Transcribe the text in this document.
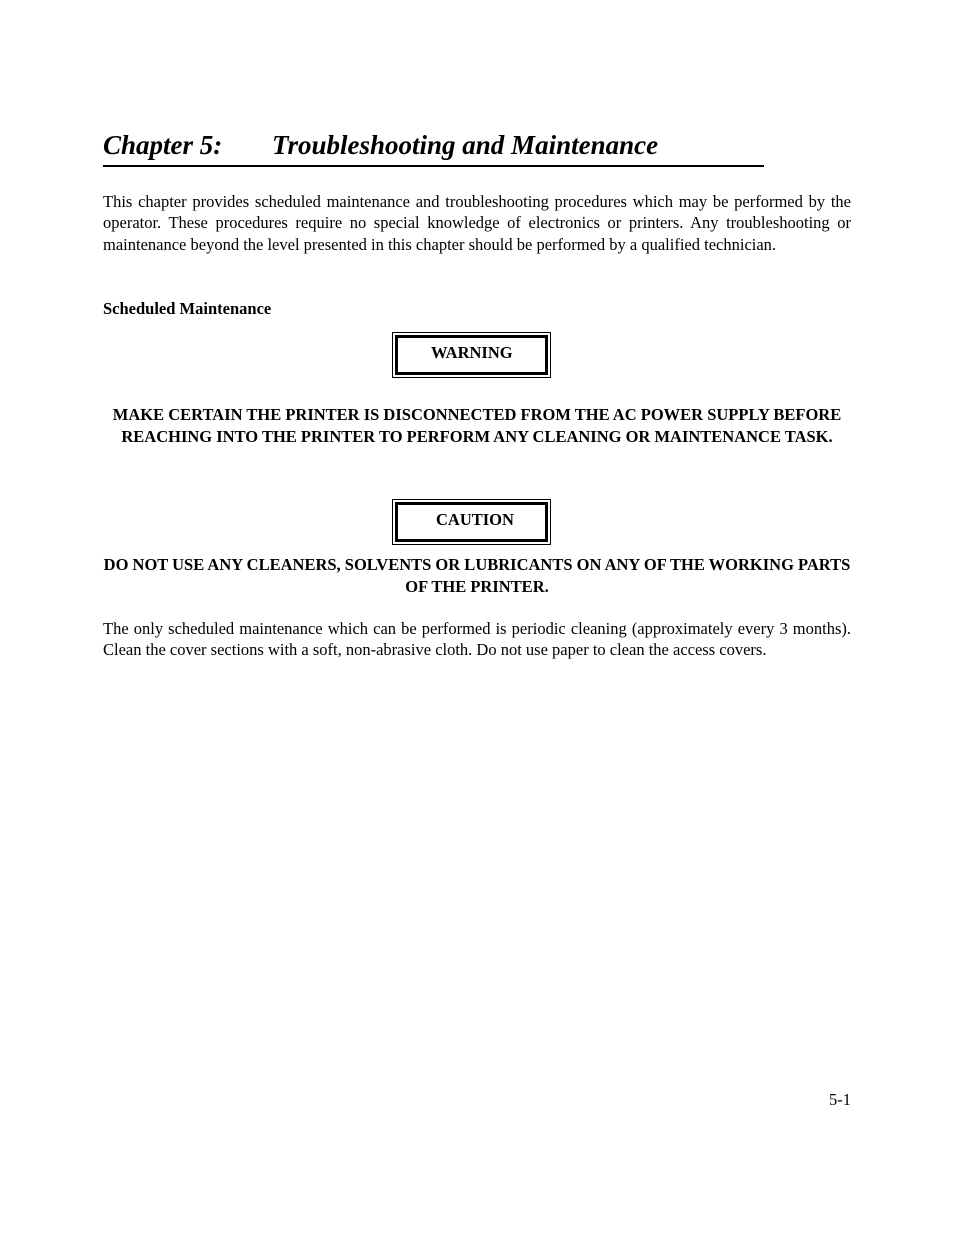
Chapter 5: Troubleshooting and Maintenance

This chapter provides scheduled maintenance and troubleshooting procedures which may be performed by the operator. These procedures require no special knowledge of electronics or printers. Any troubleshooting or maintenance beyond the level presented in this chapter should be performed by a qualified technician.

Scheduled Maintenance

WARNING

MAKE CERTAIN THE PRINTER IS DISCONNECTED FROM THE AC POWER SUPPLY BEFORE REACHING INTO THE PRINTER TO PERFORM ANY CLEANING OR MAINTENANCE TASK.

CAUTION

DO NOT USE ANY CLEANERS, SOLVENTS OR LUBRICANTS ON ANY OF THE WORKING PARTS OF THE PRINTER.

The only scheduled maintenance which can be performed is periodic cleaning (approximately every 3 months). Clean the cover sections with a soft, non-abrasive cloth. Do not use paper to clean the access covers.

5-1
